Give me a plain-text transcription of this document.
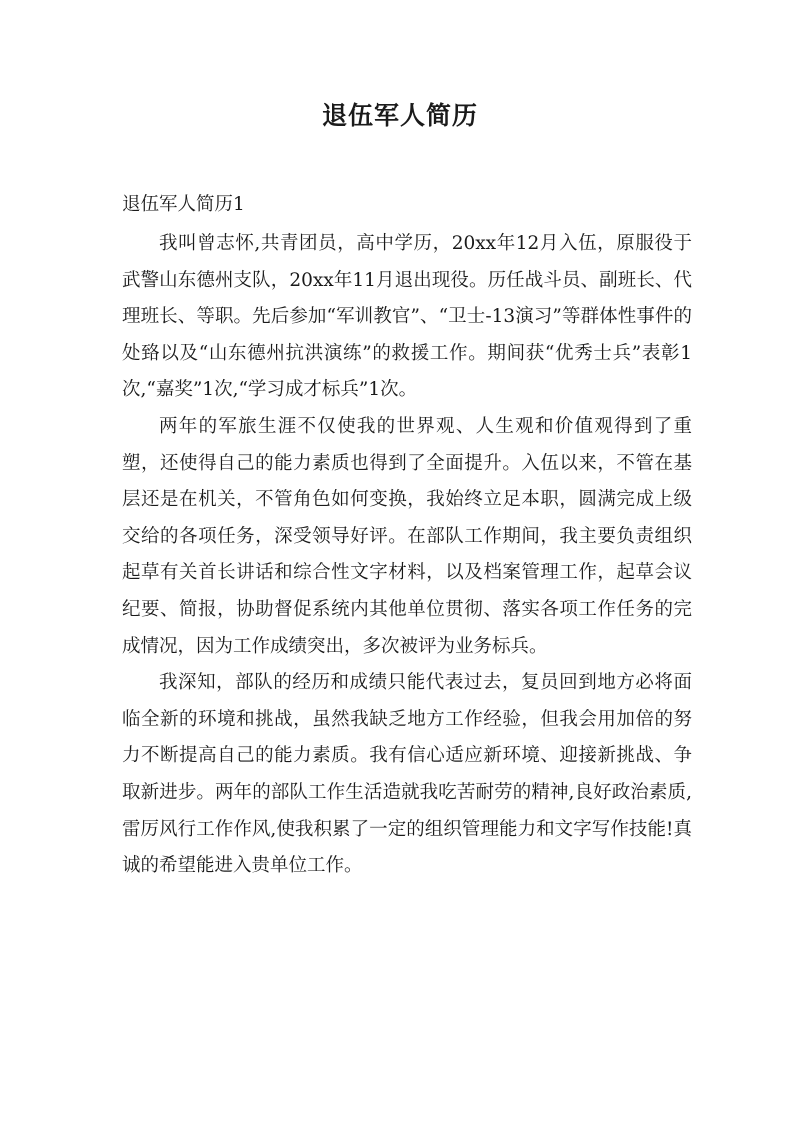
退伍军人简历

退伍军人简历1

我叫曾志怀,共青团员，高中学历，20xx年12月入伍，原服役于武警山东德州支队，20xx年11月退出现役。历任战斗员、副班长、代理班长、等职。先后参加“军训教官”、“卫士-13演习”等群体性事件的处臵以及“山东德州抗洪演练”的救援工作。期间获“优秀士兵”表彰1次,“嘉奖”1次,“学习成才标兵”1次。

两年的军旅生涯不仅使我的世界观、人生观和价值观得到了重塑，还使得自己的能力素质也得到了全面提升。入伍以来，不管在基层还是在机关，不管角色如何变换，我始终立足本职，圆满完成上级交给的各项任务，深受领导好评。在部队工作期间，我主要负责组织起草有关首长讲话和综合性文字材料，以及档案管理工作，起草会议纪要、简报，协助督促系统内其他单位贯彻、落实各项工作任务的完成情况，因为工作成绩突出，多次被评为业务标兵。

我深知，部队的经历和成绩只能代表过去，复员回到地方必将面临全新的环境和挑战，虽然我缺乏地方工作经验，但我会用加倍的努力不断提高自己的能力素质。我有信心适应新环境、迎接新挑战、争取新进步。两年的部队工作生活造就我吃苦耐劳的精神,良好政治素质,雷厉风行工作作风,使我积累了一定的组织管理能力和文字写作技能!真诚的希望能进入贵单位工作。
